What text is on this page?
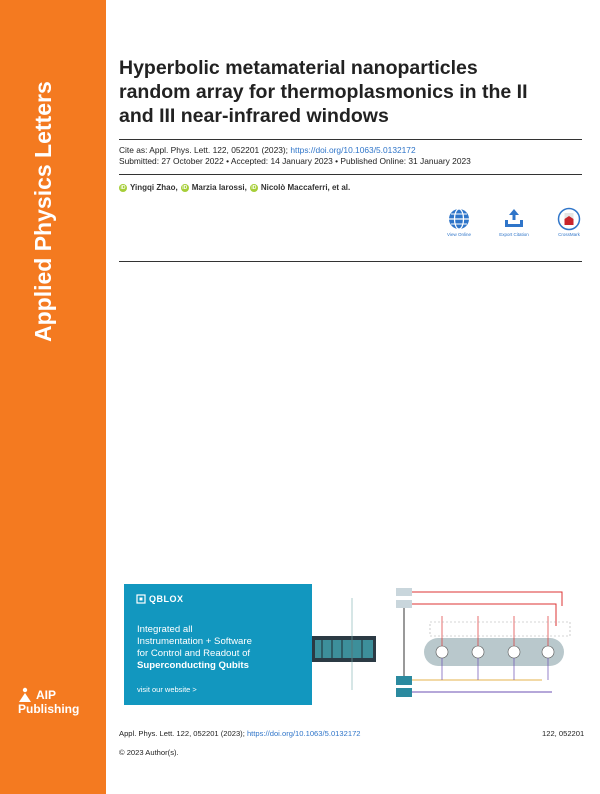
Applied Physics Letters
AIP
Publishing
Hyperbolic metamaterial nanoparticles
random array for thermoplasmonics in the II
and III near-infrared windows
Cite as: Appl. Phys. Lett. 122, 052201 (2023); https://doi.org/10.1063/5.0132172
Submitted: 27 October 2022 • Accepted: 14 January 2023 • Published Online: 31 January 2023
iD Yingqi Zhao, iD Marzia Iarossi, iD Nicolò Maccaferri, et al.
View Online	Export Citation	CrossMark
QBLOX
Integrated all
Instrumentation + Software
for Control and Readout of
Superconducting Qubits
visit our website >
Appl. Phys. Lett. 122, 052201 (2023); https://doi.org/10.1063/5.0132172	122, 052201
© 2023 Author(s).
